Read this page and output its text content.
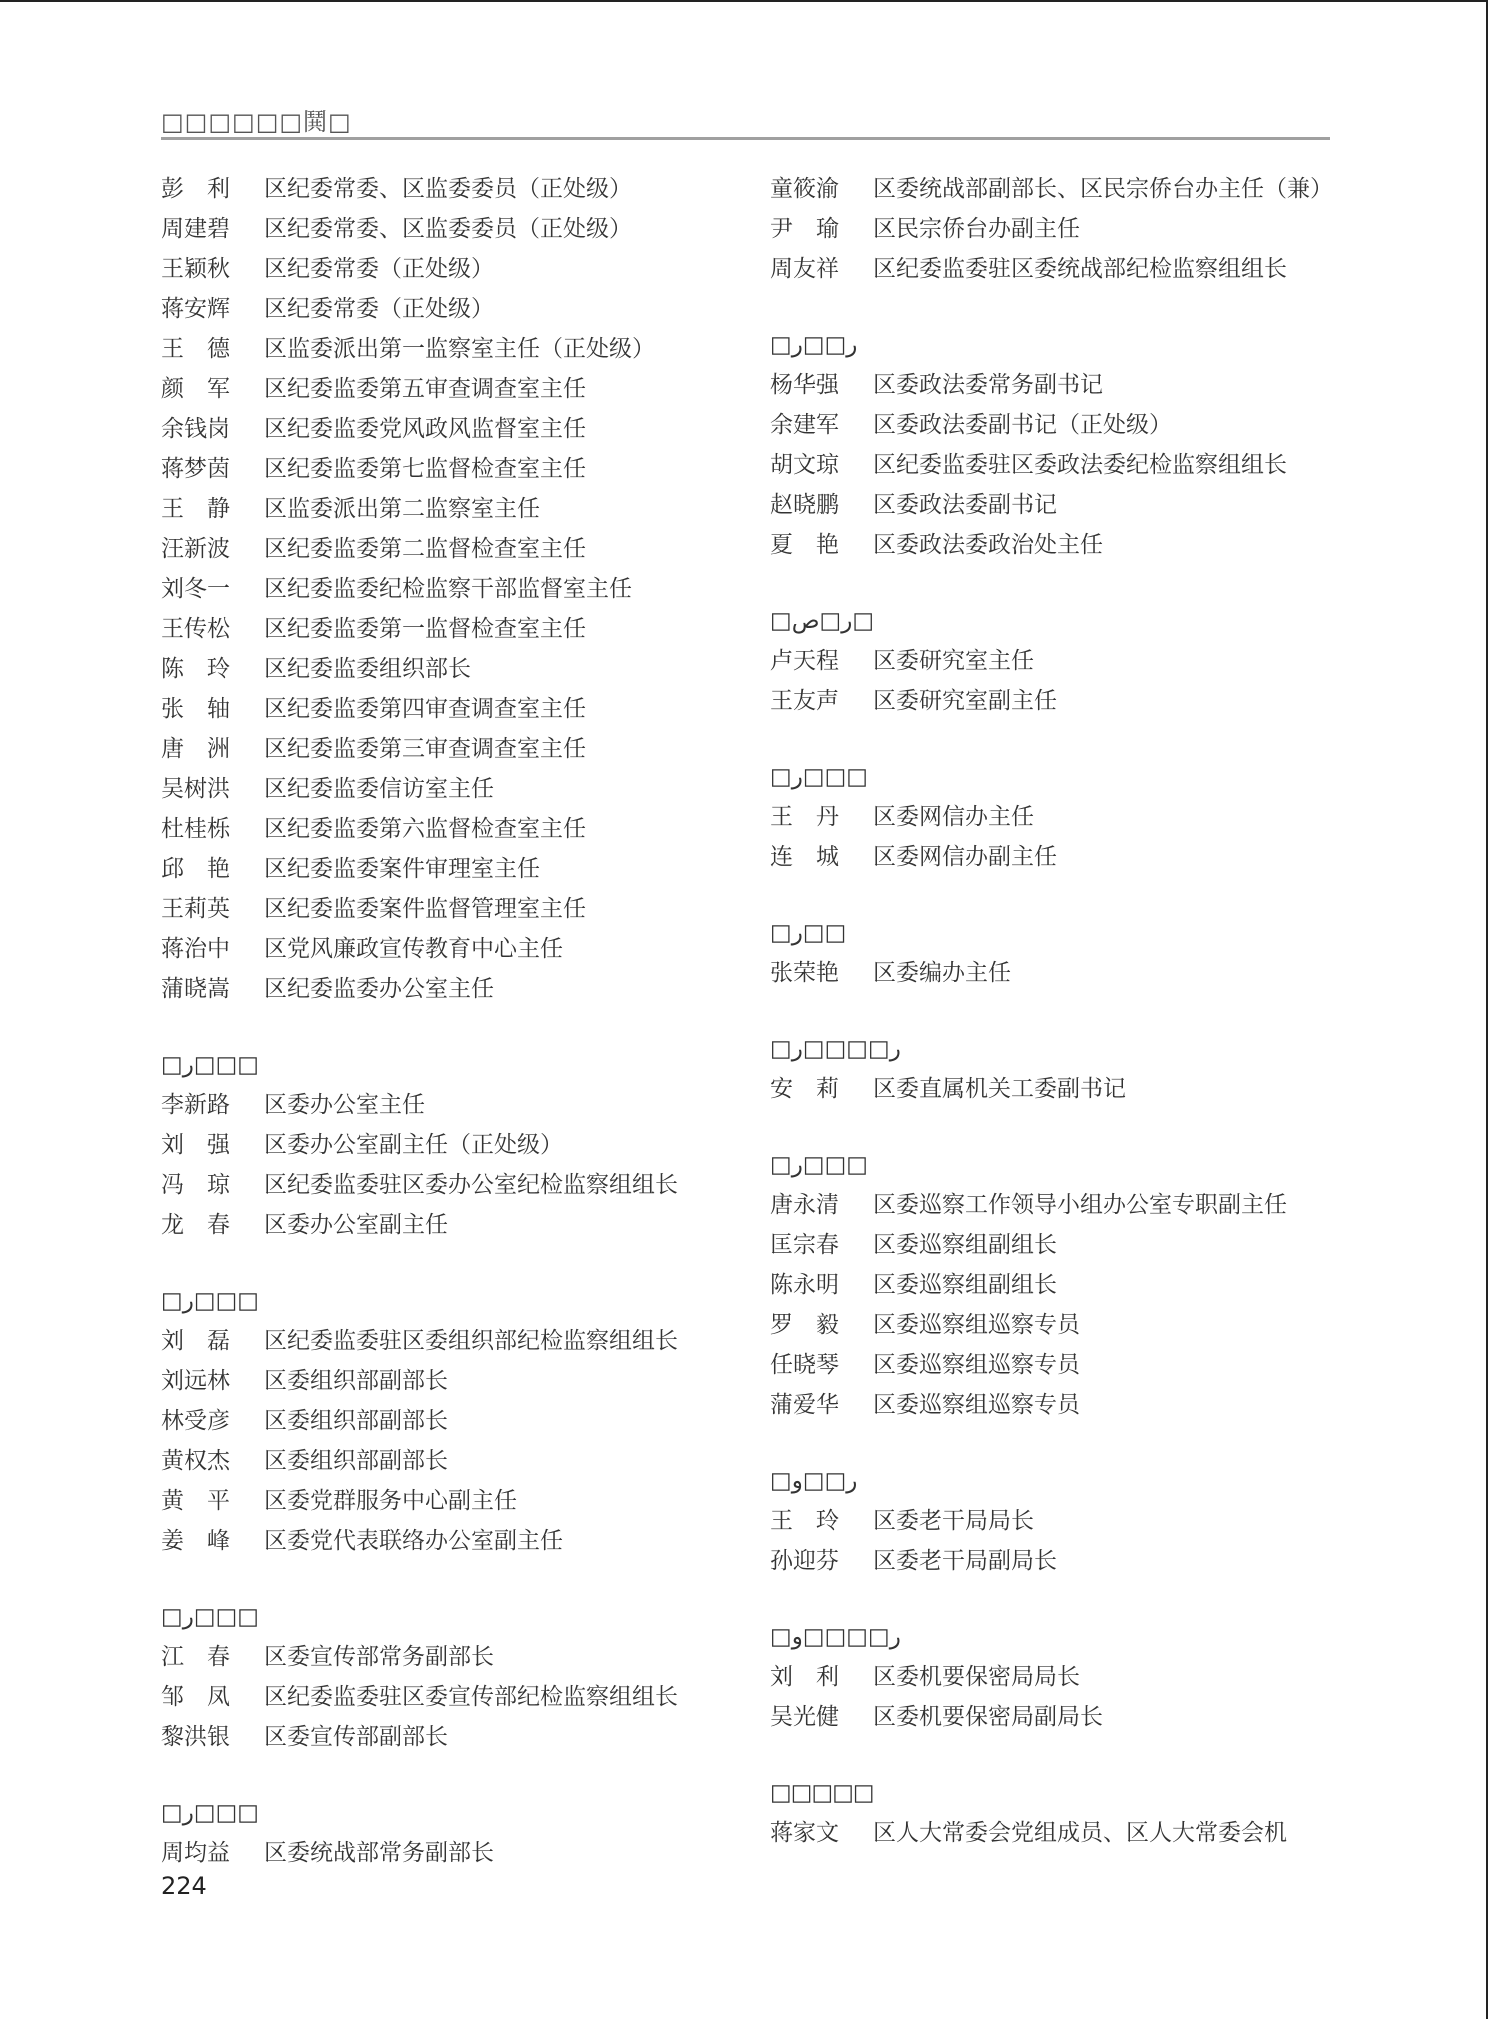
□□□□□□鬨□
彭　利	区纪委常委、区监委委员（正处级）
周建碧	区纪委常委、区监委委员（正处级）
王颖秋	区纪委常委（正处级）
蒋安辉	区纪委常委（正处级）
王　德	区监委派出第一监察室主任（正处级）
颜　军	区纪委监委第五审查调查室主任
余钱岗	区纪委监委党风政风监督室主任
蒋梦茵	区纪委监委第七监督检查室主任
王　静	区监委派出第二监察室主任
汪新波	区纪委监委第二监督检查室主任
刘冬一	区纪委监委纪检监察干部监督室主任
王传松	区纪委监委第一监督检查室主任
陈　玲	区纪委监委组织部长
张　轴	区纪委监委第四审查调查室主任
唐　洲	区纪委监委第三审查调查室主任
吴树洪	区纪委监委信访室主任
杜桂栎	区纪委监委第六监督检查室主任
邱　艳	区纪委监委案件审理室主任
王莉英	区纪委监委案件监督管理室主任
蒋治中	区党风廉政宣传教育中心主任
蒲晓嵩	区纪委监委办公室主任
□ر□□□
李新路	区委办公室主任
刘　强	区委办公室副主任（正处级）
冯　琼	区纪委监委驻区委办公室纪检监察组组长
龙　春	区委办公室副主任
□ر□□□
刘　磊	区纪委监委驻区委组织部纪检监察组组长
刘远林	区委组织部副部长
林受彦	区委组织部副部长
黄权杰	区委组织部副部长
黄　平	区委党群服务中心副主任
姜　峰	区委党代表联络办公室副主任
□ر□□□
江　春	区委宣传部常务副部长
邹　凤	区纪委监委驻区委宣传部纪检监察组组长
黎洪银	区委宣传部副部长
□ر□□□
周均益	区委统战部常务副部长
童筱渝	区委统战部副部长、区民宗侨台办主任（兼）
尹　瑜	区民宗侨台办副主任
周友祥	区纪委监委驻区委统战部纪检监察组组长
□ر□□ر
杨华强	区委政法委常务副书记
余建军	区委政法委副书记（正处级）
胡文琼	区纪委监委驻区委政法委纪检监察组组长
赵晓鹏	区委政法委副书记
夏　艳	区委政法委政治处主任
□ر□ص□
卢天程	区委研究室主任
王友声	区委研究室副主任
□ر□□□
王　丹	区委网信办主任
连　城	区委网信办副主任
□ر□□
张荣艳	区委编办主任
□ر□□□□ر
安　莉	区委直属机关工委副书记
□ر□□□
唐永清	区委巡察工作领导小组办公室专职副主任
匡宗春	区委巡察组副组长
陈永明	区委巡察组副组长
罗　毅	区委巡察组巡察专员
任晓琴	区委巡察组巡察专员
蒲爱华	区委巡察组巡察专员
□ر□□و
王　玲	区委老干局局长
孙迎芬	区委老干局副局长
□ر□□□□و
刘　利	区委机要保密局局长
吴光健	区委机要保密局副局长
□□□□□
蒋家文	区人大常委会党组成员、区人大常委会机
224
